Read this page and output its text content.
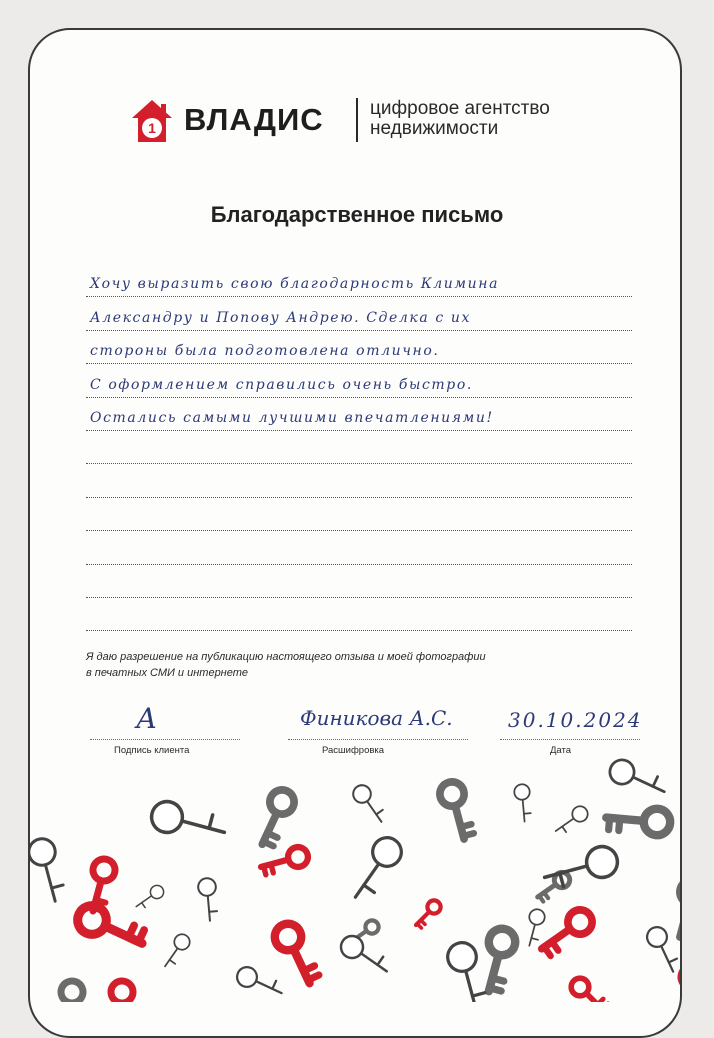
1 ВЛАДИС цифровое агентство
недвижимости
Благодарственное письмо
Хочу выразить свою благодарность Климина
Александру и Попову Андрею. Сделка с их
стороны была подготовлена отлично.
С оформлением справились очень быстро.
Остались самыми лучшими впечатлениями!
Я даю разрешение на публикацию настоящего отзыва и моей фотографии
в печатных СМИ и интернете
А
Подпись клиента
Финикова А.С.
Расшифровка
30.10.2024
Дата
